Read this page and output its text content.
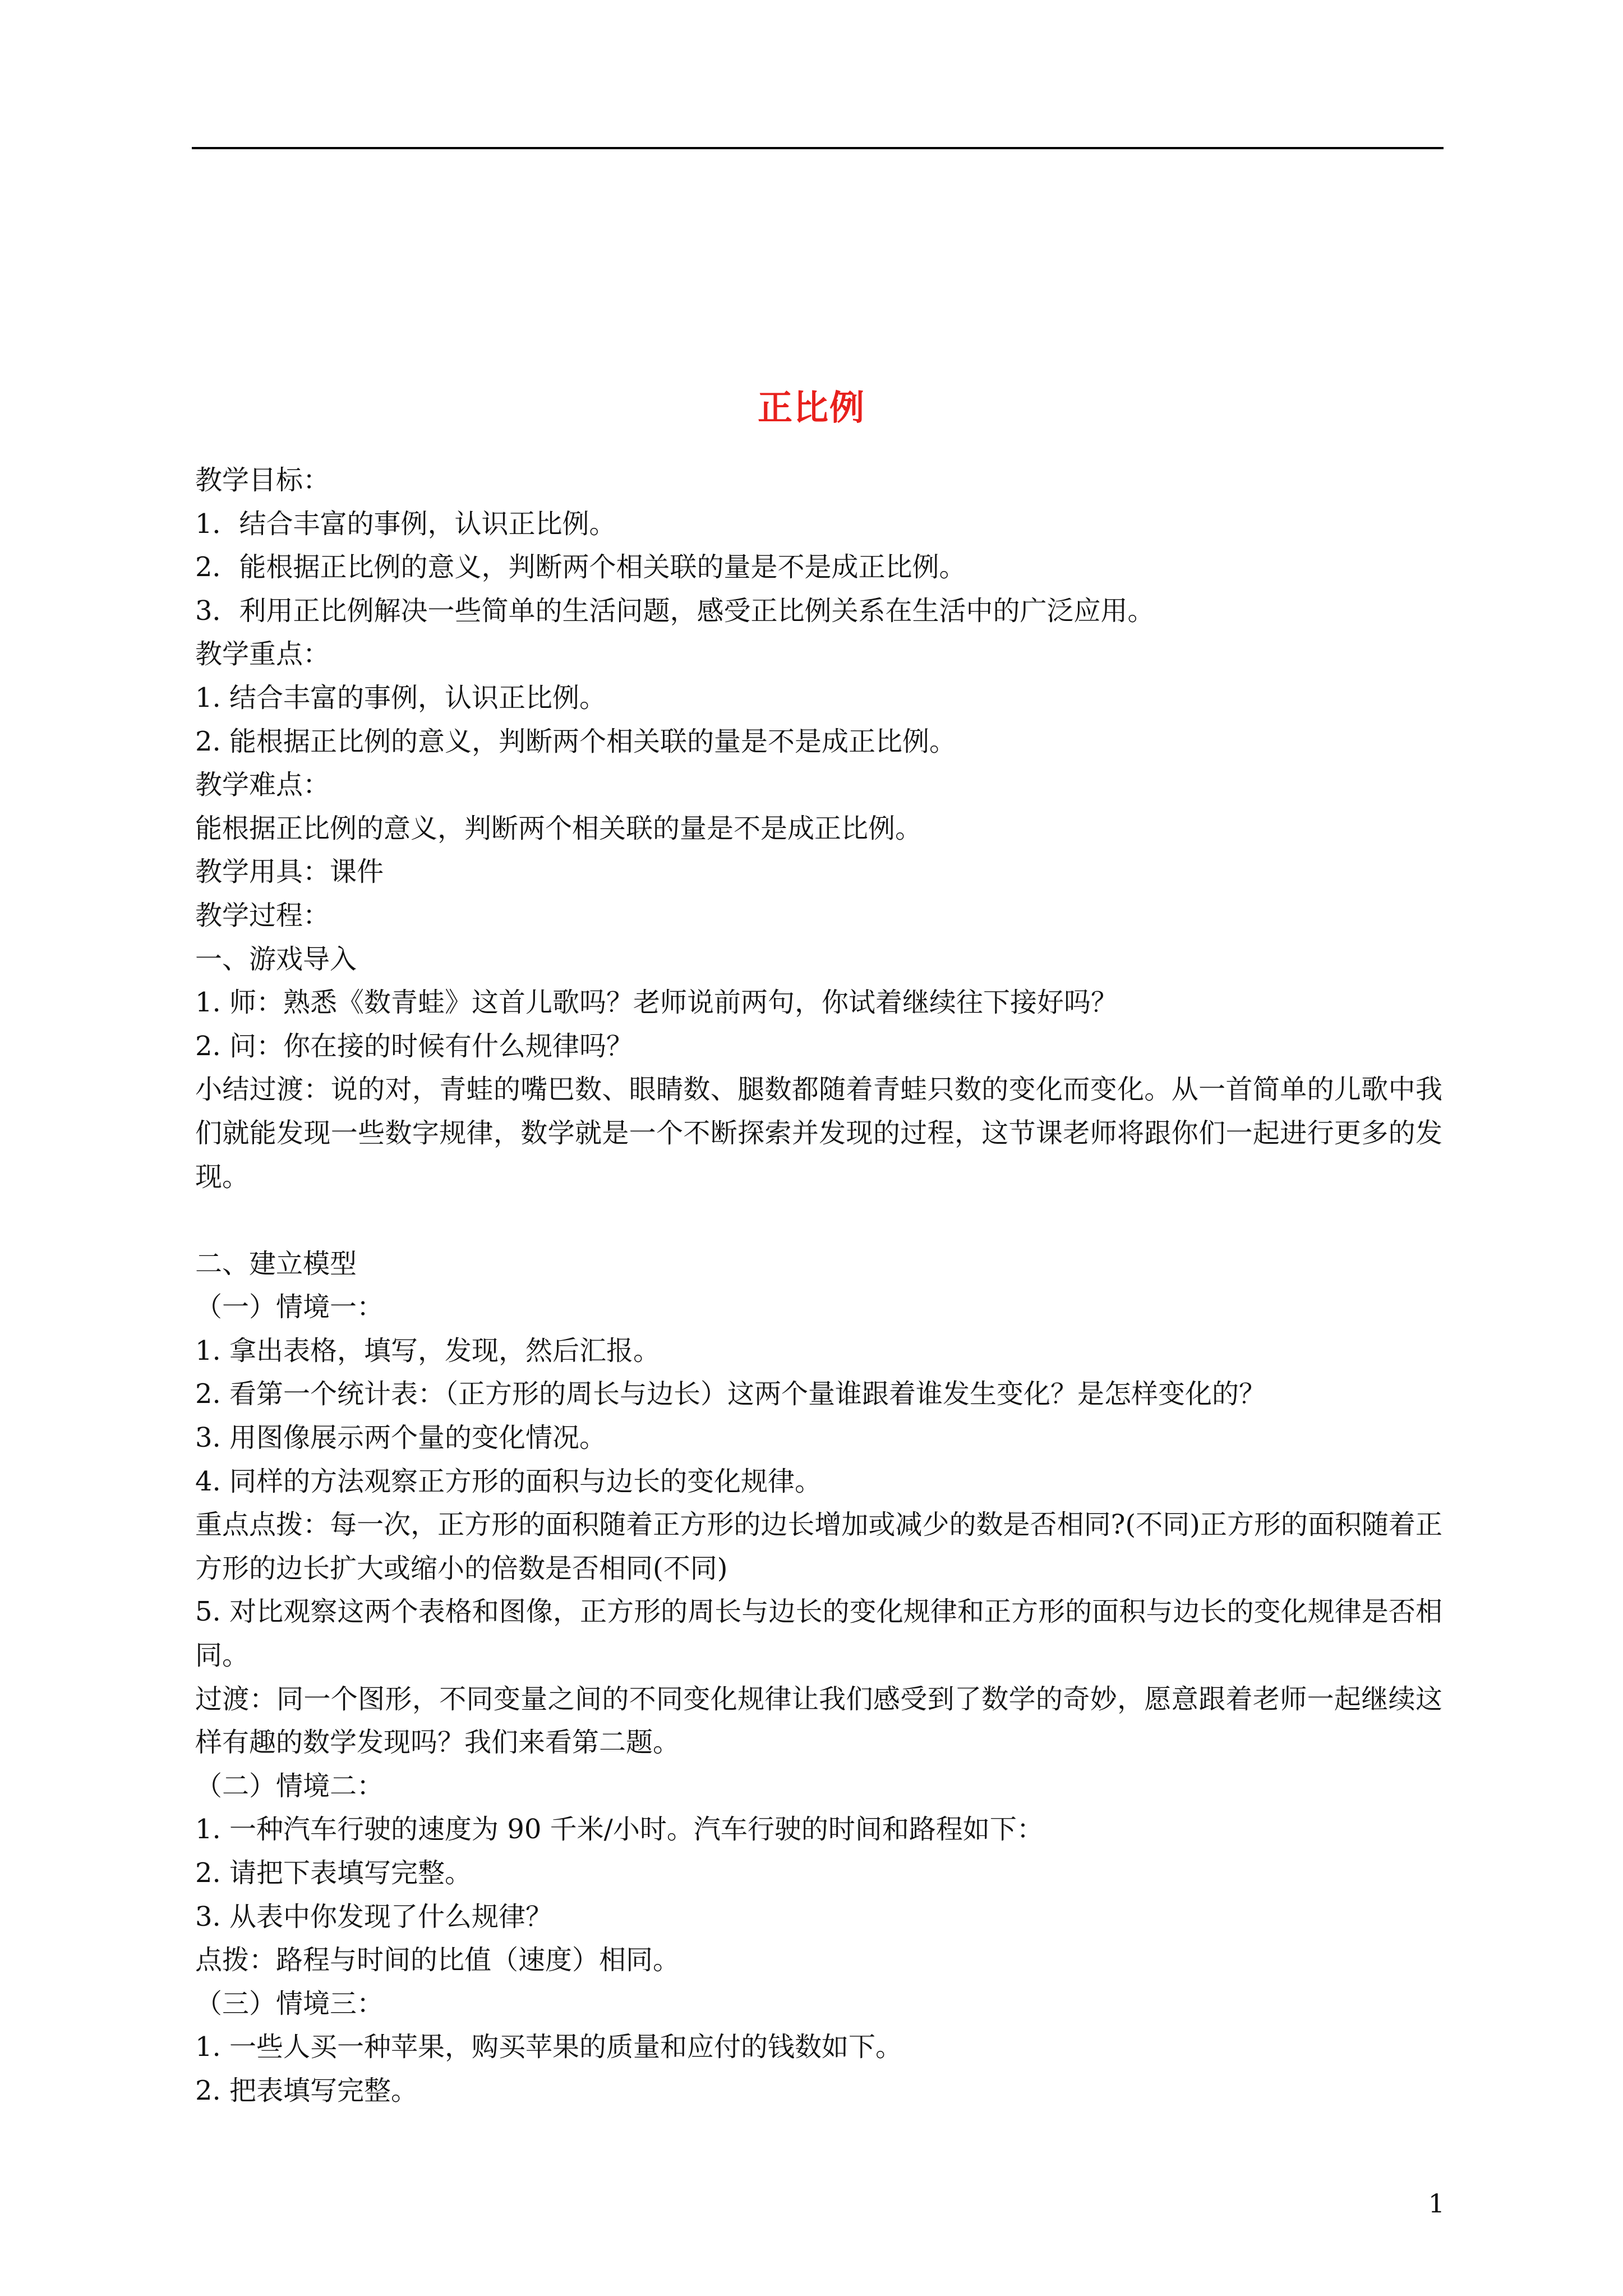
正比例

教学目标：

1．结合丰富的事例，认识正比例。

2．能根据正比例的意义，判断两个相关联的量是不是成正比例。

3．利用正比例解决一些简单的生活问题，感受正比例关系在生活中的广泛应用。

教学重点：

1. 结合丰富的事例，认识正比例。

2. 能根据正比例的意义，判断两个相关联的量是不是成正比例。

教学难点：

能根据正比例的意义，判断两个相关联的量是不是成正比例。

教学用具：课件

教学过程：

一、游戏导入

1. 师：熟悉《数青蛙》这首儿歌吗？老师说前两句，你试着继续往下接好吗？

2. 问：你在接的时候有什么规律吗？

小结过渡：说的对，青蛙的嘴巴数、眼睛数、腿数都随着青蛙只数的变化而变化。从一首简单的儿歌中我们就能发现一些数字规律，数学就是一个不断探索并发现的过程，这节课老师将跟你们一起进行更多的发现。

二、建立模型

（一）情境一：

1. 拿出表格，填写，发现，然后汇报。

2. 看第一个统计表：（正方形的周长与边长）这两个量谁跟着谁发生变化？是怎样变化的？

3. 用图像展示两个量的变化情况。

4. 同样的方法观察正方形的面积与边长的变化规律。

重点点拨：每一次，正方形的面积随着正方形的边长增加或减少的数是否相同?(不同)正方形的面积随着正方形的边长扩大或缩小的倍数是否相同(不同)

5. 对比观察这两个表格和图像，正方形的周长与边长的变化规律和正方形的面积与边长的变化规律是否相同。

过渡：同一个图形，不同变量之间的不同变化规律让我们感受到了数学的奇妙，愿意跟着老师一起继续这样有趣的数学发现吗？我们来看第二题。

（二）情境二：

1. 一种汽车行驶的速度为 90 千米/小时。汽车行驶的时间和路程如下：

2. 请把下表填写完整。

3. 从表中你发现了什么规律？

点拨：路程与时间的比值（速度）相同。

（三）情境三：

1. 一些人买一种苹果，购买苹果的质量和应付的钱数如下。

2. 把表填写完整。

1
